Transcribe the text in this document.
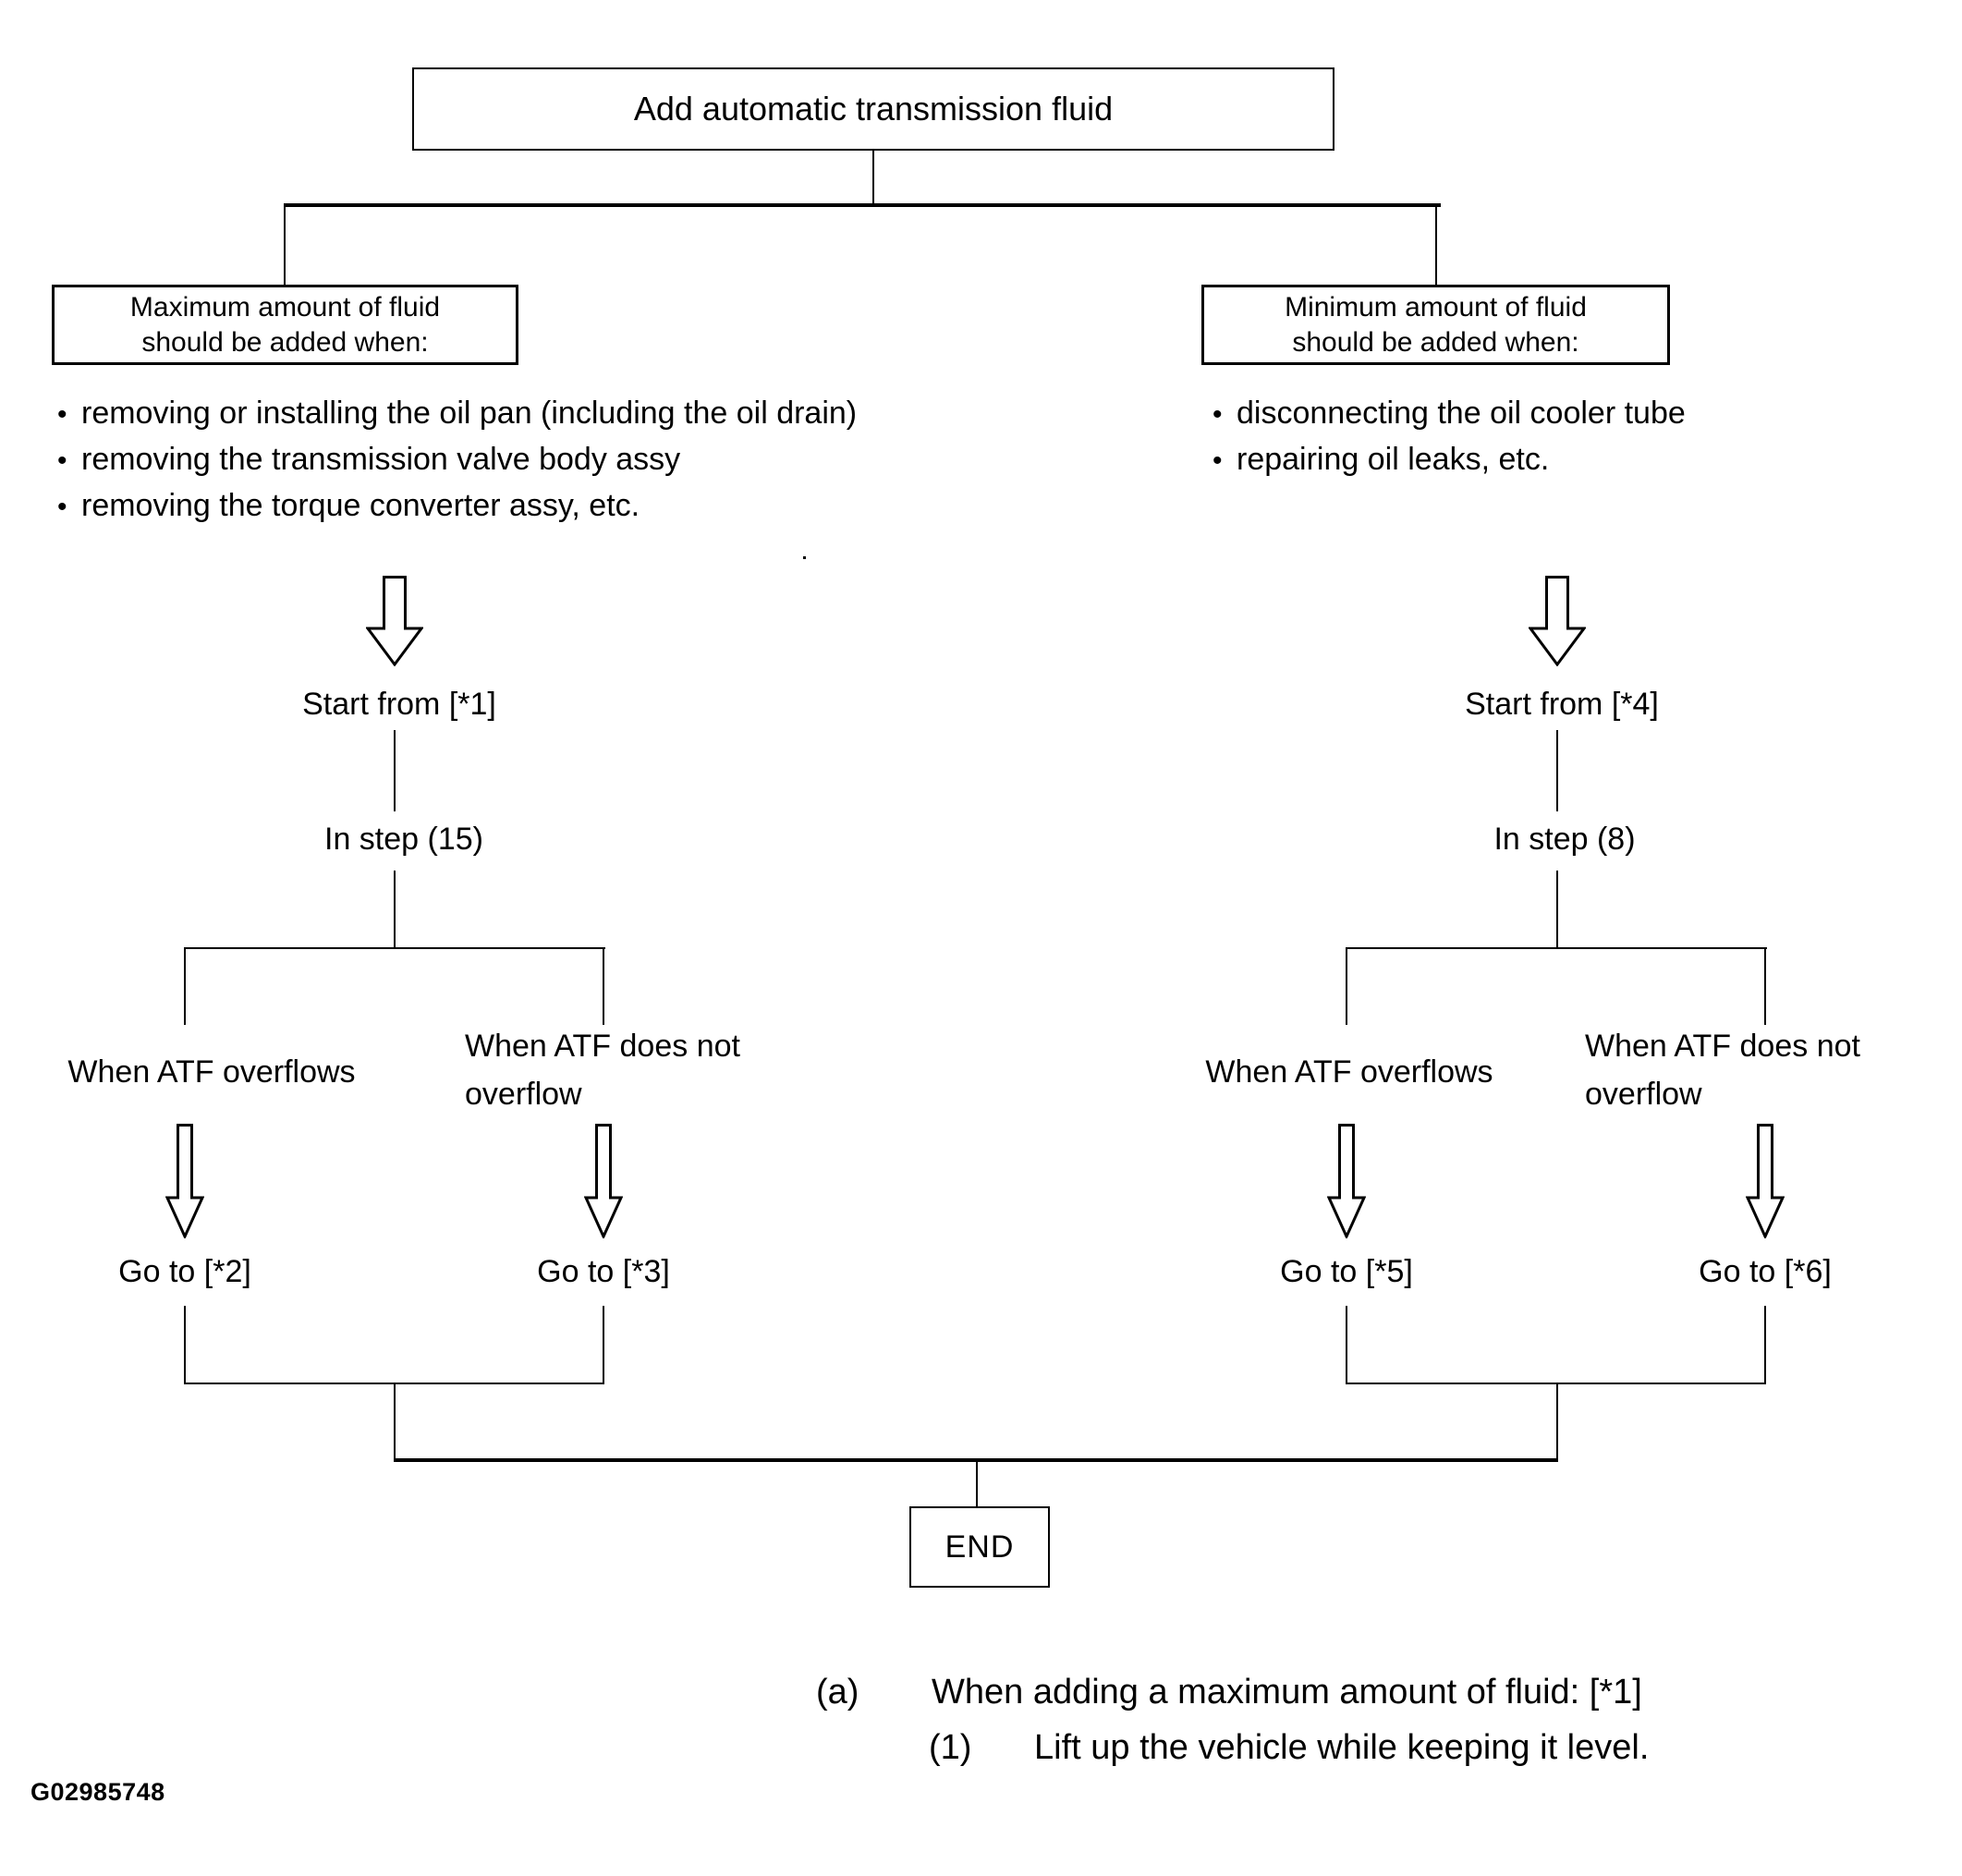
Add automatic transmission fluid
Maximum amount of fluid
should be added when:
Minimum amount of fluid
should be added when:
• removing or installing the oil pan (including the oil drain)
• removing the transmission valve body assy
• removing the torque converter assy, etc.
• disconnecting the oil cooler tube
• repairing oil leaks, etc.
Start from [*1]
In step (15)
Start from [*4]
In step (8)
When ATF overflows
When ATF does not
overflow
When ATF overflows
When ATF does not
overflow
Go to [*2]	Go to [*3]	Go to [*5]	Go to [*6]
END
(a) When adding a maximum amount of fluid: [*1]
(1) Lift up the vehicle while keeping it level.
G02985748
